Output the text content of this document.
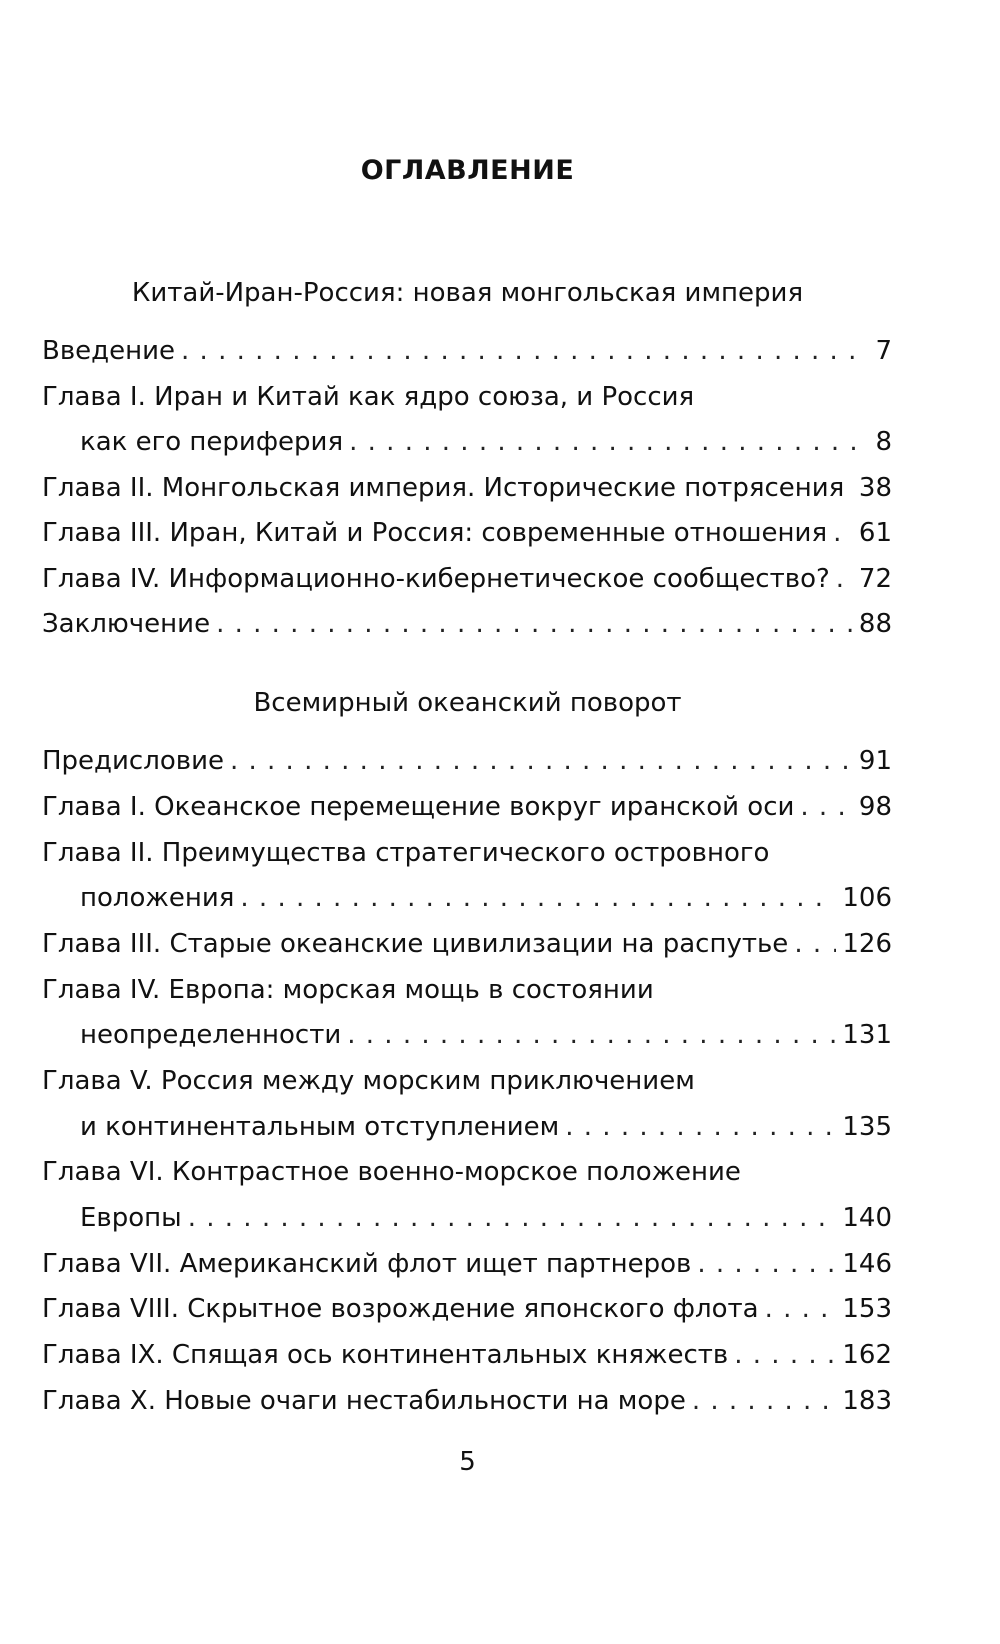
ОГЛАВЛЕНИЕ
Китай-Иран-Россия: новая монгольская империя
Введение . . .	7
Глава I. Иран и Китай как ядро союза, и Россия
как его периферия . . .	8
Глава II. Монгольская империя. Исторические потрясения . . . 38
Глава III. Иран, Китай и Россия: современные отношения . . . 61
Глава IV. Информационно-кибернетическое сообщество? . . . 72
Заключение . . .	88
Всемирный океанский поворот
Предисловие . . .	91
Глава I. Океанское перемещение вокруг иранской оси . . . 98
Глава II. Преимущества стратегического островного
положения . . .	106
Глава III. Старые океанские цивилизации на распутье . . . 126
Глава IV. Европа: морская мощь в состоянии
неопределенности . . .	131
Глава V. Россия между морским приключением
и континентальным отступлением . . .	135
Глава VI. Контрастное военно-морское положение
Европы . . .	140
Глава VII. Американский флот ищет партнеров . . .	146
Глава VIII. Скрытное возрождение японского флота . . .	153
Глава IX. Спящая ось континентальных княжеств . . .	162
Глава X. Новые очаги нестабильности на море . . .	183
5
